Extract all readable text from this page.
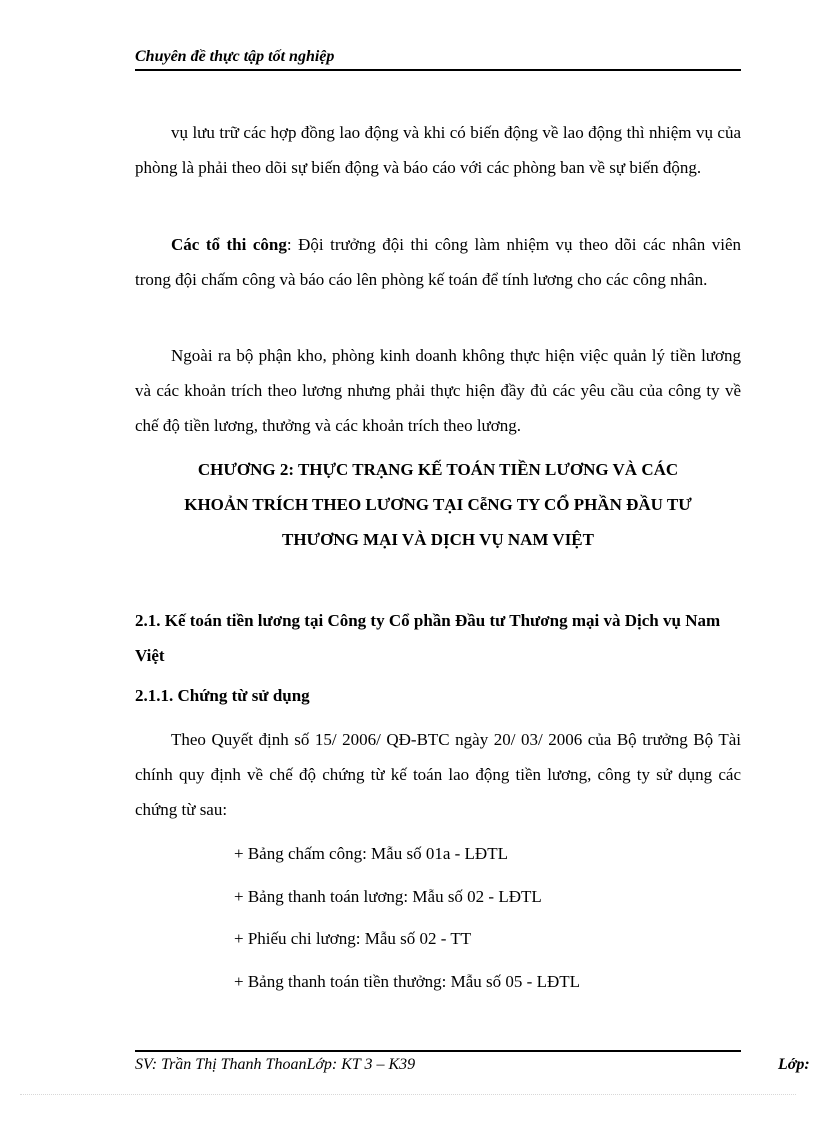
Chuyên đề thực tập tốt nghiệp
vụ lưu trữ các hợp đồng lao động và khi có biến động về lao động thì nhiệm vụ của phòng là phải theo dõi sự biến động và báo cáo với các phòng ban về sự biến động.
Các tổ thi công: Đội trưởng đội thi công làm nhiệm vụ theo dõi các nhân viên trong đội chấm công và báo cáo lên phòng kế toán để tính lương cho các công nhân.
Ngoài ra bộ phận kho, phòng kinh doanh không thực hiện việc quản lý tiền lương và các khoản trích theo lương nhưng phải thực hiện đầy đủ các yêu cầu của công ty về chế độ tiền lương, thưởng và các khoản trích theo lương.
CHƯƠNG 2: THỰC TRẠNG KẾ TOÁN TIỀN LƯƠNG VÀ CÁC
KHOẢN TRÍCH THEO LƯƠNG TẠI CễNG TY CỔ PHẦN ĐẦU TƯ
THƯƠNG MẠI VÀ DỊCH VỤ NAM VIỆT
2.1. Kế toán tiền lương tại Công ty Cổ phần Đầu tư Thương mại và Dịch vụ Nam Việt
2.1.1. Chứng từ sử dụng
Theo Quyết định số 15/ 2006/ QĐ-BTC ngày 20/ 03/ 2006 của Bộ trưởng Bộ Tài chính quy định về chế độ chứng từ kế toán lao động tiền lương, công ty sử dụng các chứng từ sau:
+ Bảng chấm công: Mẫu số 01a - LĐTL
+ Bảng thanh toán lương: Mẫu số 02 - LĐTL
+ Phiếu chi lương: Mẫu số 02 - TT
+ Bảng thanh toán tiền thưởng: Mẫu số 05 - LĐTL
SV: Trần Thị Thanh ThoanLớp: KT 3 – K39	Lớp:
